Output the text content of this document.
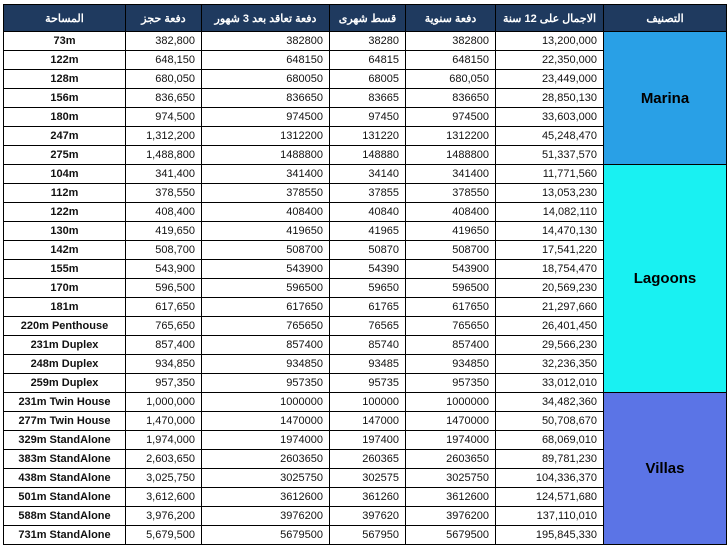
المساحة	دفعة حجز	دفعة تعاقد بعد 3 شهور	قسط شهرى	دفعة سنوية	الاجمال على 12 سنة	التصنيف
73m	382,800	382800	38280	382800	13,200,000	Marina
122m	648,150	648150	64815	648150	22,350,000	
128m	680,050	680050	68005	680,050	23,449,000	
156m	836,650	836650	83665	836650	28,850,130	
180m	974,500	974500	97450	974500	33,603,000	
247m	1,312,200	1312200	131220	1312200	45,248,470	
275m	1,488,800	1488800	148880	1488800	51,337,570	
104m	341,400	341400	34140	341400	11,771,560	Lagoons
112m	378,550	378550	37855	378550	13,053,230	
122m	408,400	408400	40840	408400	14,082,110	
130m	419,650	419650	41965	419650	14,470,130	
142m	508,700	508700	50870	508700	17,541,220	
155m	543,900	543900	54390	543900	18,754,470	
170m	596,500	596500	59650	596500	20,569,230	
181m	617,650	617650	61765	617650	21,297,660	
220m Penthouse	765,650	765650	76565	765650	26,401,450	
231m Duplex	857,400	857400	85740	857400	29,566,230	
248m Duplex	934,850	934850	93485	934850	32,236,350	
259m Duplex	957,350	957350	95735	957350	33,012,010	
231m Twin House	1,000,000	1000000	100000	1000000	34,482,360	Villas
277m Twin House	1,470,000	1470000	147000	1470000	50,708,670	
329m StandAlone	1,974,000	1974000	197400	1974000	68,069,010	
383m StandAlone	2,603,650	2603650	260365	2603650	89,781,230	
438m StandAlone	3,025,750	3025750	302575	3025750	104,336,370	
501m StandAlone	3,612,600	3612600	361260	3612600	124,571,680	
588m StandAlone	3,976,200	3976200	397620	3976200	137,110,010	
731m StandAlone	5,679,500	5679500	567950	5679500	195,845,330	
